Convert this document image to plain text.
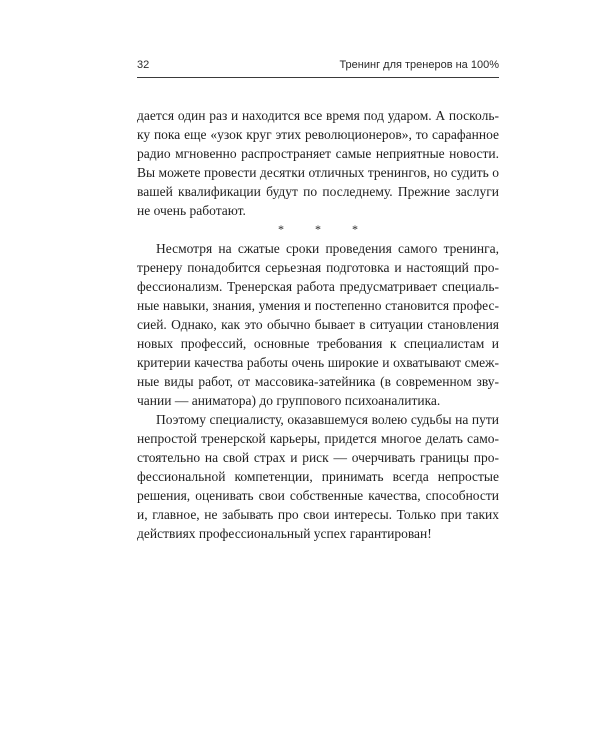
32	Тренинг для тренеров на 100%

дается один раз и находится все время под ударом. А поскольку пока еще «узок круг этих революционеров», то сарафанное радио мгновенно распространяет самые неприятные новости. Вы можете провести десятки отличных тренингов, но судить о вашей квалификации будут по последнему. Прежние заслуги не очень работают.

* * *

Несмотря на сжатые сроки проведения самого тренинга, тренеру понадобится серьезная подготовка и настоящий профессионализм. Тренерская работа предусматривает специальные навыки, знания, умения и постепенно становится профессией. Однако, как это обычно бывает в ситуации становления новых профессий, основные требования к специалистам и критерии качества работы очень широкие и охватывают смежные виды работ, от массовика-затейника (в современном звучании — аниматора) до группового психоаналитика.

Поэтому специалисту, оказавшемуся волею судьбы на пути непростой тренерской карьеры, придется многое делать самостоятельно на свой страх и риск — очерчивать границы профессиональной компетенции, принимать всегда непростые решения, оценивать свои собственные качества, способности и, главное, не забывать про свои интересы. Только при таких действиях профессиональный успех гарантирован!
